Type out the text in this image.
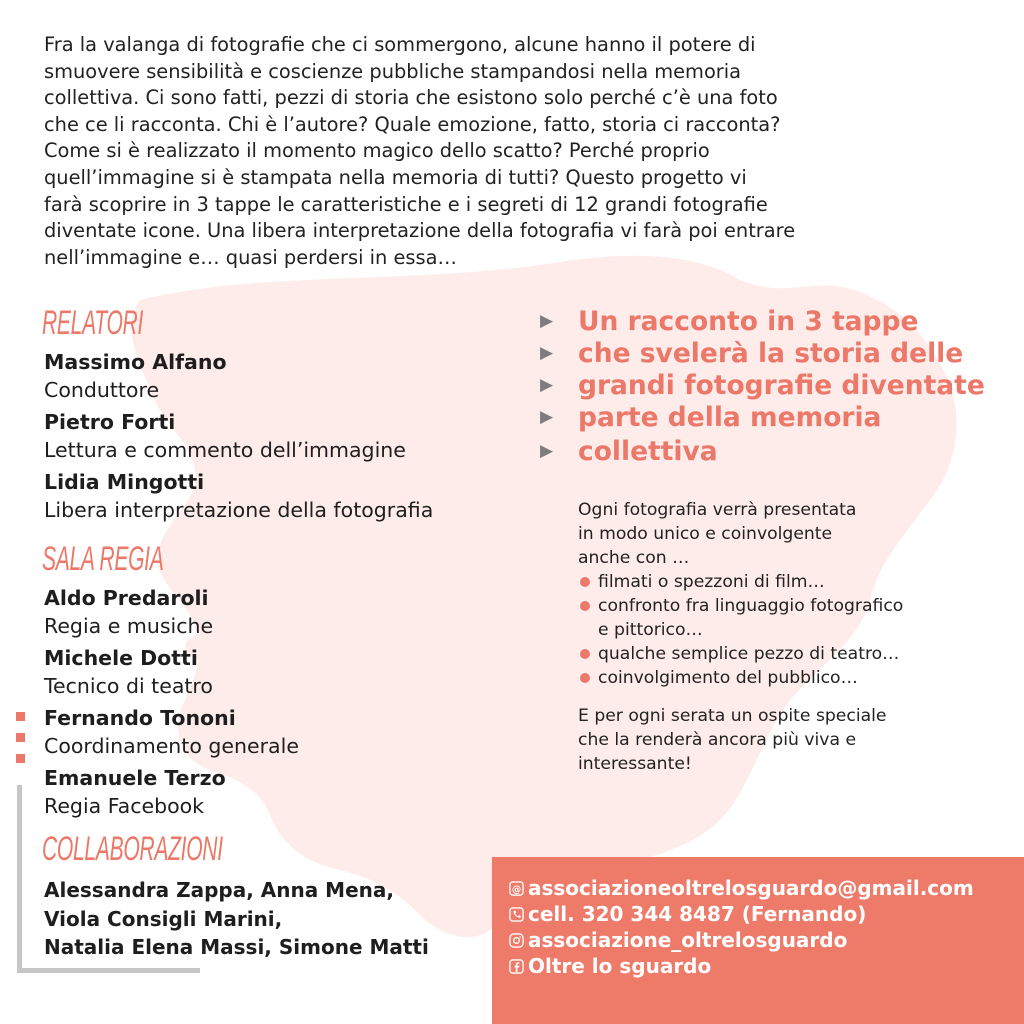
Fra la valanga di fotografie che ci sommergono, alcune hanno il potere di
smuovere sensibilità e coscienze pubbliche stampandosi nella memoria
collettiva. Ci sono fatti, pezzi di storia che esistono solo perché c’è una foto
che ce li racconta. Chi è l’autore? Quale emozione, fatto, storia ci racconta?
Come si è realizzato il momento magico dello scatto? Perché proprio
quell’immagine si è stampata nella memoria di tutti? Questo progetto vi
farà scoprire in 3 tappe le caratteristiche e i segreti di 12 grandi fotografie
diventate icone. Una libera interpretazione della fotografia vi farà poi entrare
nell’immagine e… quasi perdersi in essa…
RELATORI
Massimo Alfano
Conduttore
Pietro Forti
Lettura e commento dell’immagine
Lidia Mingotti
Libera interpretazione della fotografia
SALA REGIA
Aldo Predaroli
Regia e musiche
Michele Dotti
Tecnico di teatro
Fernando Tononi
Coordinamento generale
Emanuele Terzo
Regia Facebook
COLLABORAZIONI
Alessandra Zappa, Anna Mena,
Viola Consigli Marini,
Natalia Elena Massi, Simone Matti
▶ Un racconto in 3 tappe
▶ che svelerà la storia delle
▶ grandi fotografie diventate
▶ parte della memoria
▶ collettiva
Ogni fotografia verrà presentata
in modo unico e coinvolgente
anche con …
filmati o spezzoni di film…
confronto fra linguaggio fotografico
e pittorico…
qualche semplice pezzo di teatro…
coinvolgimento del pubblico…
E per ogni serata un ospite speciale
che la renderà ancora più viva e
interessante!
@ associazioneoltrelosguardo@gmail.com
cell. 320 344 8487 (Fernando)
associazione_oltrelosguardo
Oltre lo sguardo
